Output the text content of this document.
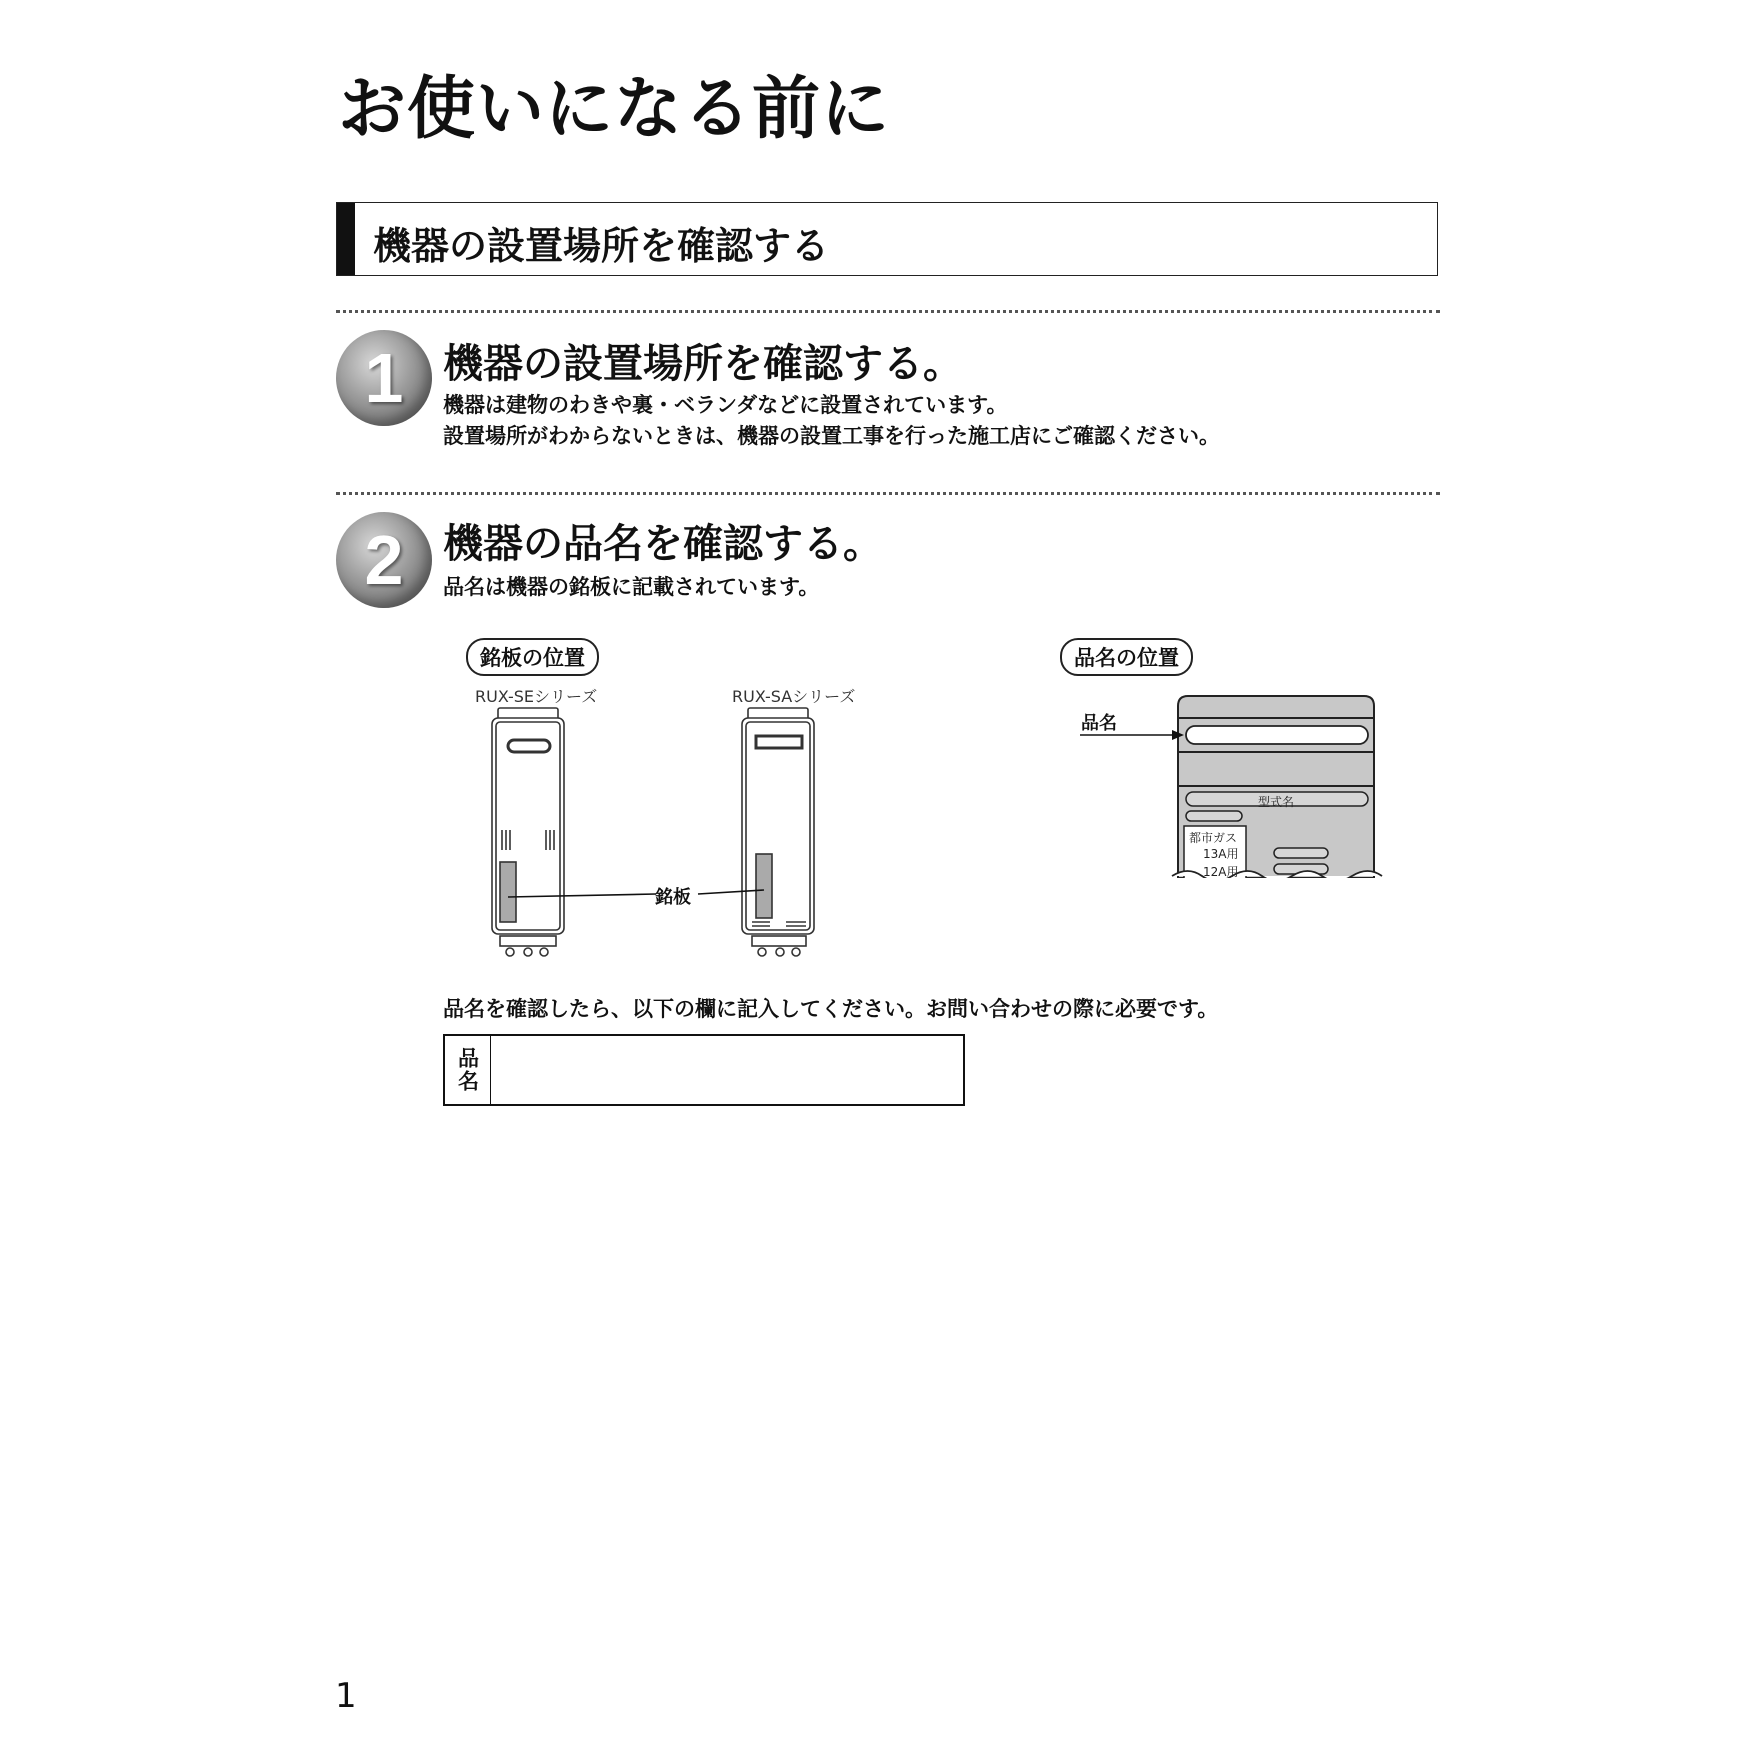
お使いになる前に
機器の設置場所を確認する
1 機器の設置場所を確認する。
機器は建物のわきや裏・ベランダなどに設置されています。
設置場所がわからないときは、機器の設置工事を行った施工店にご確認ください。
2 機器の品名を確認する。
品名は機器の銘板に記載されています。
銘板の位置	品名の位置
RUX-SEシリーズ	RUX-SAシリーズ
銘板
品名
型式名
都市ガス
13A用
12A用
品名を確認したら、以下の欄に記入してください。お問い合わせの際に必要です。
品名
1
